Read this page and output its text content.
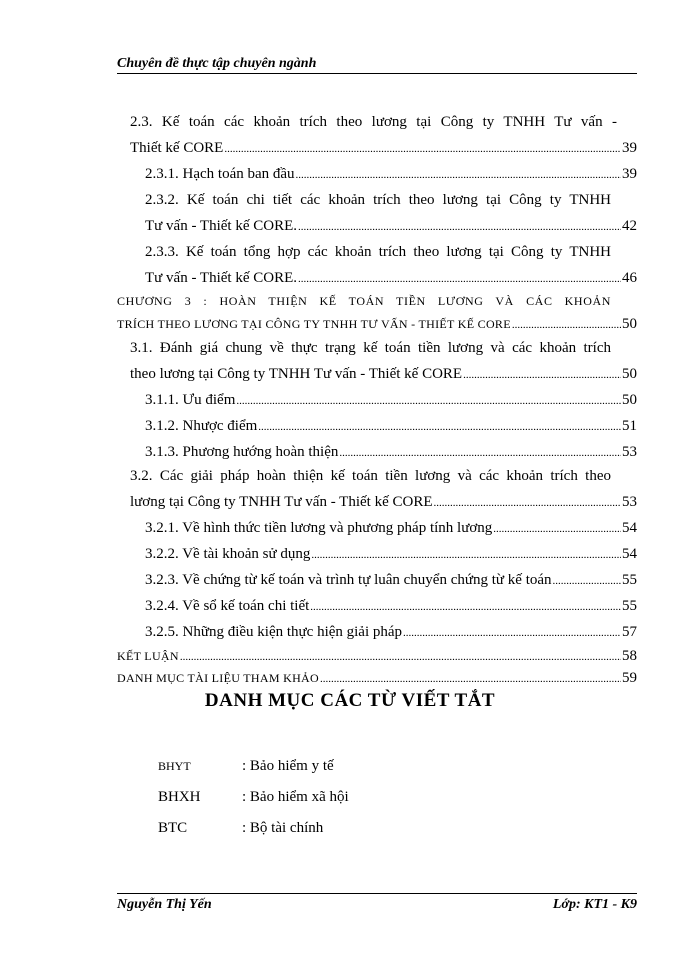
Chuyên đề thực tập chuyên ngành
2.3. Kế toán các khoản trích theo lương tại Công ty TNHH Tư vấn -
Thiết kế CORE .....	39
2.3.1. Hạch toán ban đầu .....	39
2.3.2. Kế toán chi tiết các khoản trích theo lương tại Công ty TNHH
Tư vấn - Thiết kế CORE. .....	42
2.3.3. Kế toán tổng hợp các khoản trích theo lương tại Công ty TNHH
Tư vấn - Thiết kế CORE. .....	46
CHƯƠNG 3 : HOÀN THIỆN KẾ TOÁN TIỀN LƯƠNG VÀ CÁC KHOẢN
TRÍCH THEO LƯƠNG TẠI CÔNG TY TNHH TƯ VẤN - THIẾT KẾ CORE .....	50
3.1. Đánh giá chung về thực trạng kế toán tiền lương và các khoản trích
theo lương tại Công ty TNHH Tư vấn - Thiết kế CORE .....	50
3.1.1. Ưu điểm .....	50
3.1.2. Nhược điểm .....	51
3.1.3. Phương hướng hoàn thiện .....	53
3.2. Các giải pháp hoàn thiện kế toán tiền lương và các khoản trích theo
lương tại Công ty TNHH Tư vấn - Thiết kế CORE .....	53
3.2.1. Về hình thức tiền lương và phương pháp tính lương .....	54
3.2.2. Về tài khoản sử dụng .....	54
3.2.3. Về chứng từ kế toán và trình tự luân chuyển chứng từ kế toán .....	55
3.2.4. Về sổ kế toán chi tiết .....	55
3.2.5. Những điều kiện thực hiện giải pháp .....	57
KẾT LUẬN .....	58
DANH MỤC TÀI LIỆU THAM KHẢO .....	59
DANH MỤC CÁC TỪ VIẾT TẮT
BHYT	: Bảo hiểm y tế
BHXH	: Bảo hiểm xã hội
BTC	: Bộ tài chính
Nguyễn Thị Yến	Lớp: KT1 - K9
